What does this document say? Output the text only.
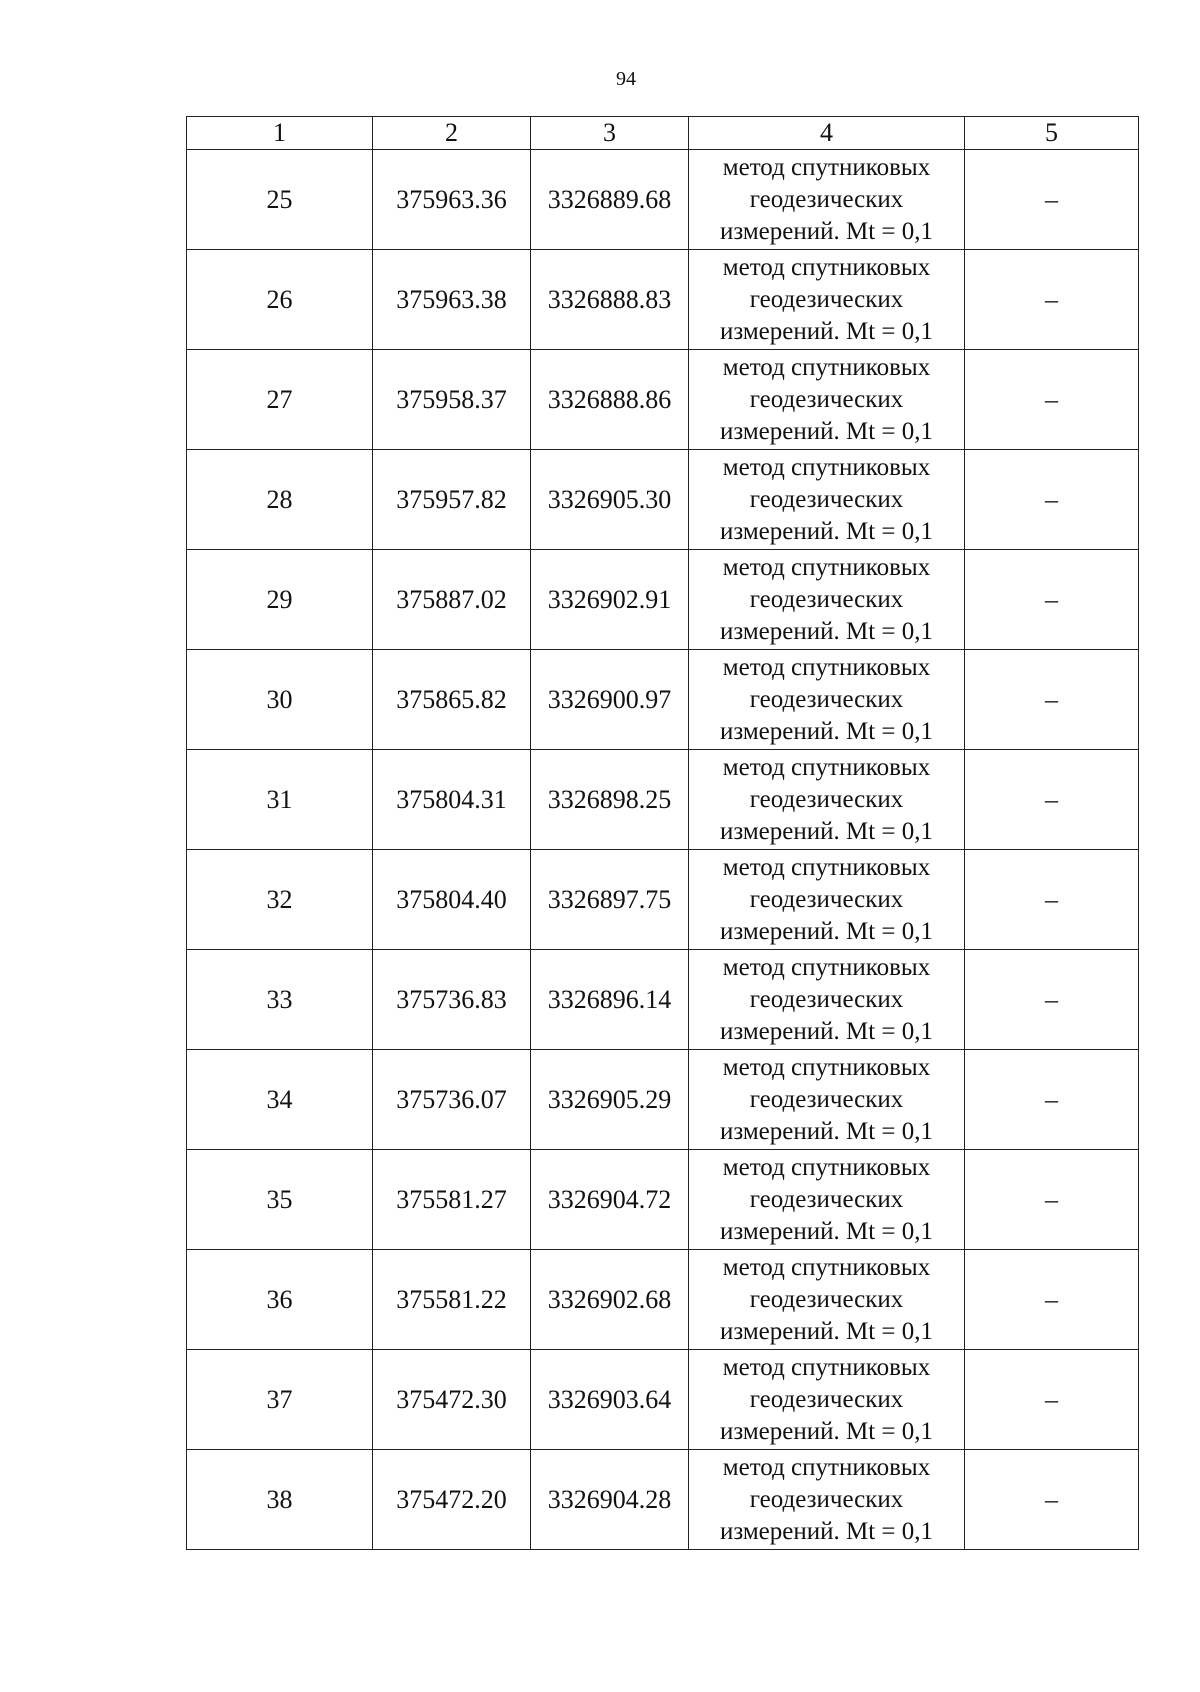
94
1	2	3	4	5
25	375963.36	3326889.68	метод спутниковых
геодезических
измерений. Mt = 0,1	–
26	375963.38	3326888.83	метод спутниковых
геодезических
измерений. Mt = 0,1	–
27	375958.37	3326888.86	метод спутниковых
геодезических
измерений. Mt = 0,1	–
28	375957.82	3326905.30	метод спутниковых
геодезических
измерений. Mt = 0,1	–
29	375887.02	3326902.91	метод спутниковых
геодезических
измерений. Mt = 0,1	–
30	375865.82	3326900.97	метод спутниковых
геодезических
измерений. Mt = 0,1	–
31	375804.31	3326898.25	метод спутниковых
геодезических
измерений. Mt = 0,1	–
32	375804.40	3326897.75	метод спутниковых
геодезических
измерений. Mt = 0,1	–
33	375736.83	3326896.14	метод спутниковых
геодезических
измерений. Mt = 0,1	–
34	375736.07	3326905.29	метод спутниковых
геодезических
измерений. Mt = 0,1	–
35	375581.27	3326904.72	метод спутниковых
геодезических
измерений. Mt = 0,1	–
36	375581.22	3326902.68	метод спутниковых
геодезических
измерений. Mt = 0,1	–
37	375472.30	3326903.64	метод спутниковых
геодезических
измерений. Mt = 0,1	–
38	375472.20	3326904.28	метод спутниковых
геодезических
измерений. Mt = 0,1	–
